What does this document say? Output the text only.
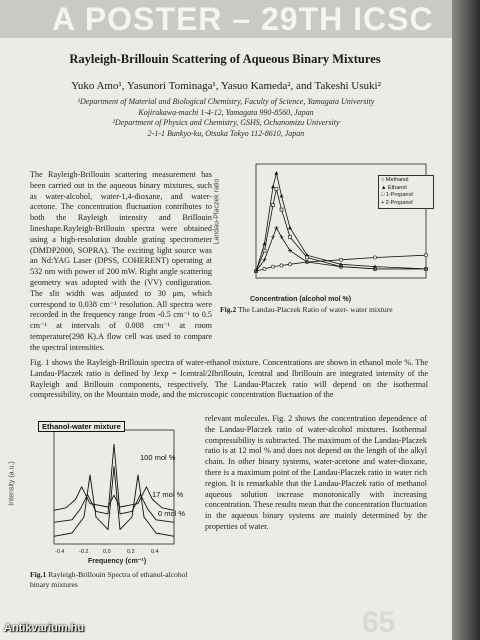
A POSTER – 29TH ICSC
Rayleigh-Brillouin Scattering of Aqueous Binary Mixtures
Yuko Amo¹, Yasunori Tominaga¹, Yasuo Kameda², and Takeshi Usuki²
¹Department of Material and Biological Chemistry, Faculty of Science, Yamagata University
Kojirakawa-machi 1-4-12, Yamagata 990-8560, Japan
²Department of Physics and Chemistry, GSHS, Ochanomizu University
2-1-1 Bunkyo-ku, Otsuka Tokyo 112-8610, Japan
The Rayleigh-Brillouin scattering measurement has been carried out in the aqueous binary mixtures, such as water-alcohol, water-1,4-dioxane, and water-acetone. The concentration fluctuation contributes to both the Rayleigh intensity and Brillouin lineshape.Rayleigh-Brillouin spectra were obtained using a high-resolution double grating spectrometer (DMDP2000, SOPRA). The exciting light source was an Nd:YAG Laser (DPSS, COHERENT) operating at 532 nm with power of 200 mW. Right angle scattering geometry was adopted with the (VV) configuration. The slit width was adjusted to 30 μm, which correspond to 0.038 cm⁻¹ resolution. All spectra were recorded in the frequency range from -0.5 cm⁻¹ to 0.5 cm⁻¹ at intervals of 0.008 cm⁻¹ at room temperature(298 K).A flow cell was used to compare the spectral intensities.
○ Methanol
▲ Ethanol
□ 1-Propanol
+ 2-Propanol
Concentration (alcohol mol %)
Landau-Placzek ratio
Fig.2 The Landau-Placzek Ratio of water- water mixture
Fig. 1 shows the Rayleigh-Brillouin spectra of water-ethanol mixture. Concentrations are shown in ethanol mole %. The Landau-Placzek ratio is defined by Jexp = Icentral/2Ibrillouin, Icentral and Ibrillouin are integrated intensity of the Rayleigh and Brillouin components, respectively. The Landau-Placzek ratio will depend on the isothermal compressibility, on the Mountain mode, and the microscopic concentration fluctuation of the
Ethanol-water mixture
100 mol %
17 mol %
0 mol %
-0.4	-0.2	0.0	0.2	0.4
Frequency (cm⁻¹)
Intensity (a.u.)
Fig.1 Rayleigh-Brillouin Spectra of ethanol-alcohol binary mixtures
relevant molecules. Fig. 2 shows the concentration dependence of the Landau-Placzek ratio of water-alcohol mixtures. Isothermal compressibility is subtracted. The maximum of the Landau-Placzek ratio is at 12 mol % and does not depend on the length of the alkyl chain. In other binary systems, water-acetone and water-dioxane, there is a maximum point of the Landau-Placzek ratio in water rich region. It is remarkable that the Landau-Placzek ratio of methanol aqueous solution increase monotonically with increasing concentration. These results mean that the concentration fluctuation in the aqueous binary systems are mainly determined by the properties of water.
65
Antikvarium.hu
